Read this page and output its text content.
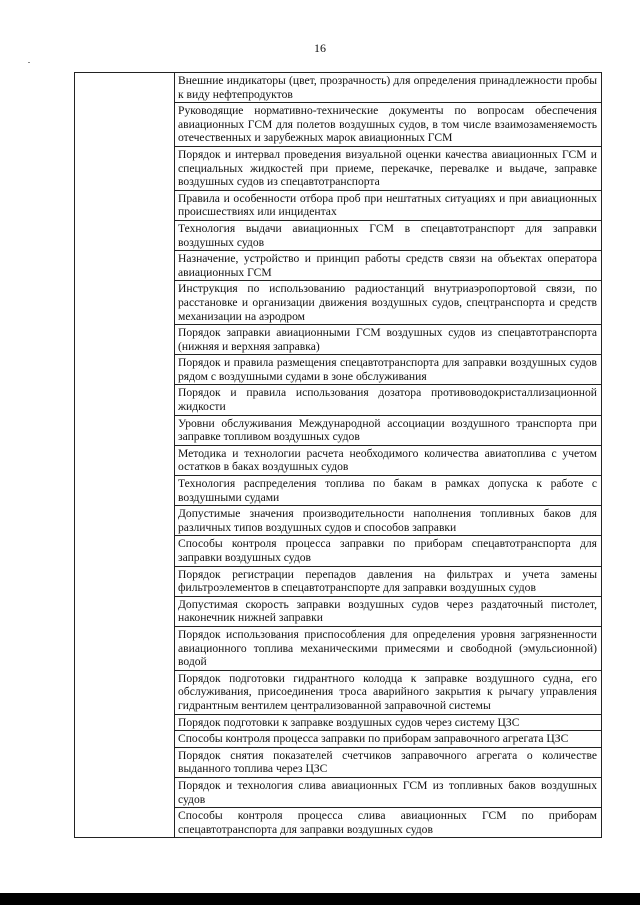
16

Внешние индикаторы (цвет, прозрачность) для определения принадлежности пробы к виду нефтепродуктов

Руководящие нормативно-технические документы по вопросам обеспечения авиационных ГСМ для полетов воздушных судов, в том числе взаимозаменяемость отечественных и зарубежных марок авиационных ГСМ

Порядок и интервал проведения визуальной оценки качества авиационных ГСМ и специальных жидкостей при приеме, перекачке, перевалке и выдаче, заправке воздушных судов из спецавтотранспорта

Правила и особенности отбора проб при нештатных ситуациях и при авиационных происшествиях или инцидентах

Технология выдачи авиационных ГСМ в спецавтотранспорт для заправки воздушных судов

Назначение, устройство и принцип работы средств связи на объектах оператора авиационных ГСМ

Инструкция по использованию радиостанций внутриаэропортовой связи, по расстановке и организации движения воздушных судов, спецтранспорта и средств механизации на аэродром

Порядок заправки авиационными ГСМ воздушных судов из спецавтотранспорта (нижняя и верхняя заправка)

Порядок и правила размещения спецавтотранспорта для заправки воздушных судов рядом с воздушными судами в зоне обслуживания

Порядок и правила использования дозатора противоводокристаллизационной жидкости

Уровни обслуживания Международной ассоциации воздушного транспорта при заправке топливом воздушных судов

Методика и технологии расчета необходимого количества авиатоплива с учетом остатков в баках воздушных судов

Технология распределения топлива по бакам в рамках допуска к работе с воздушными судами

Допустимые значения производительности наполнения топливных баков для различных типов воздушных судов и способов заправки

Способы контроля процесса заправки по приборам спецавтотранспорта для заправки воздушных судов

Порядок регистрации перепадов давления на фильтрах и учета замены фильтроэлементов в спецавтотранспорте для заправки воздушных судов

Допустимая скорость заправки воздушных судов через раздаточный пистолет, наконечник нижней заправки

Порядок использования приспособления для определения уровня загрязненности авиационного топлива механическими примесями и свободной (эмульсионной) водой

Порядок подготовки гидрантного колодца к заправке воздушного судна, его обслуживания, присоединения троса аварийного закрытия к рычагу управления гидрантным вентилем централизованной заправочной системы

Порядок подготовки к заправке воздушных судов через систему ЦЗС

Способы контроля процесса заправки по приборам заправочного агрегата ЦЗС

Порядок снятия показателей счетчиков заправочного агрегата о количестве выданного топлива через ЦЗС

Порядок и технология слива авиационных ГСМ из топливных баков воздушных судов

Способы контроля процесса слива авиационных ГСМ по приборам спецавтотранспорта для заправки воздушных судов
